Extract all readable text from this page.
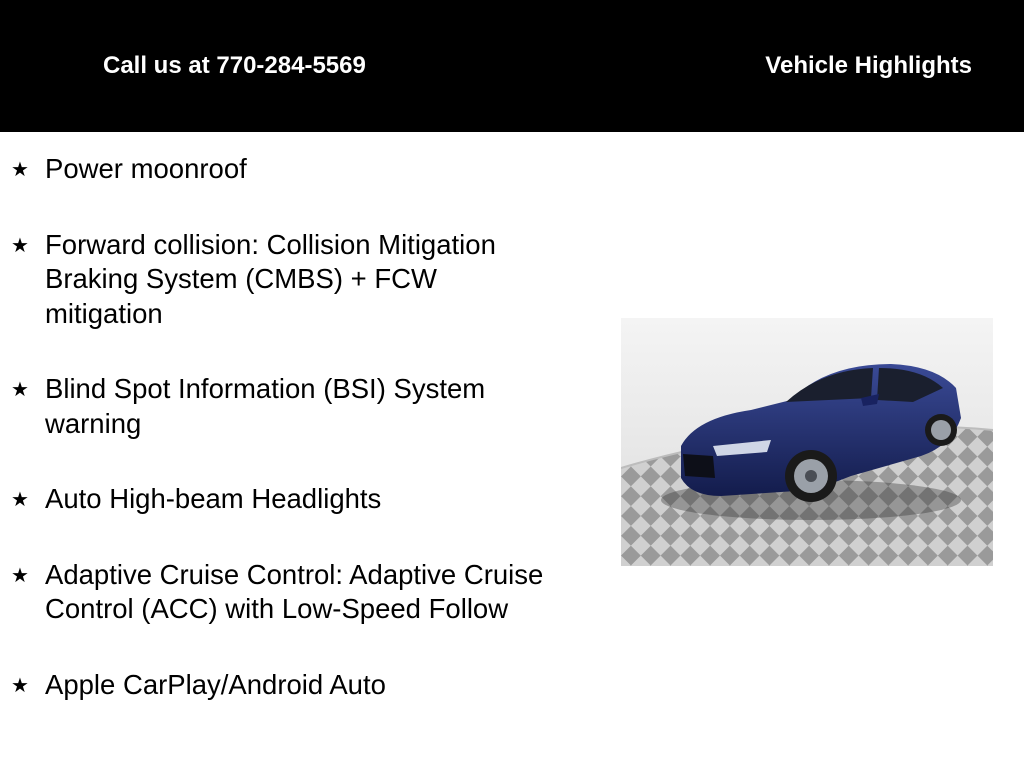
Call us at 770-284-5569	Vehicle Highlights
★ Power moonroof
★ Forward collision: Collision Mitigation Braking System (CMBS) + FCW mitigation
★ Blind Spot Information (BSI) System warning
★ Auto High-beam Headlights
★ Adaptive Cruise Control: Adaptive Cruise Control (ACC) with Low-Speed Follow
★ Apple CarPlay/Android Auto
